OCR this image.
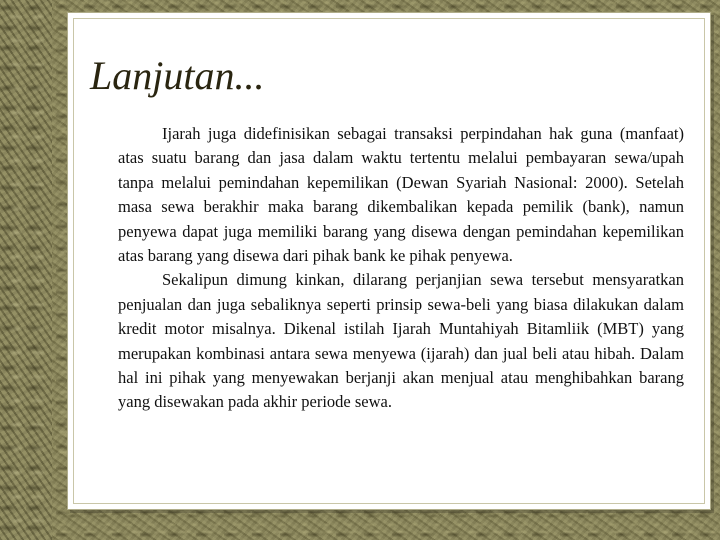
Lanjutan...

Ijarah juga didefinisikan sebagai transaksi perpindahan hak guna (manfaat) atas suatu barang dan jasa dalam waktu tertentu melalui pembayaran sewa/upah tanpa melalui pemindahan kepemilikan (Dewan Syariah Nasional: 2000). Setelah masa sewa berakhir maka barang dikembalikan kepada pemilik (bank), namun penyewa dapat juga memiliki barang yang disewa dengan pemindahan kepemilikan atas barang yang disewa dari pihak bank ke pihak penyewa.

Sekalipun dimung kinkan, dilarang perjanjian sewa tersebut mensyaratkan penjualan dan juga sebaliknya seperti prinsip sewa-beli yang biasa dilakukan dalam kredit motor misalnya. Dikenal istilah Ijarah Muntahiyah Bitamliik (MBT) yang merupakan kombinasi antara sewa menyewa (ijarah) dan jual beli atau hibah. Dalam hal ini pihak yang menyewakan berjanji akan menjual atau menghibahkan barang yang disewakan pada akhir periode sewa.
